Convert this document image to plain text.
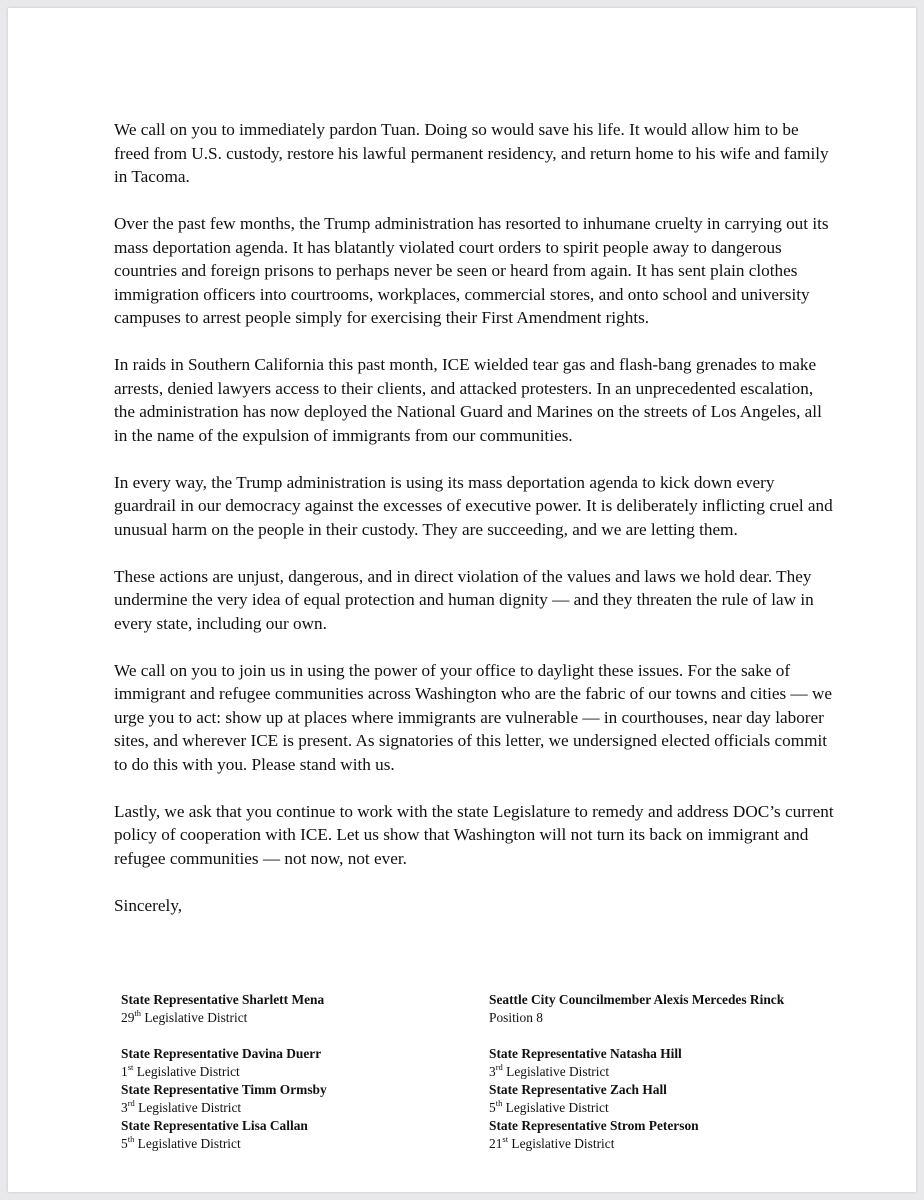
We call on you to immediately pardon Tuan. Doing so would save his life. It would allow him to be freed from U.S. custody, restore his lawful permanent residency, and return home to his wife and family in Tacoma.

Over the past few months, the Trump administration has resorted to inhumane cruelty in carrying out its mass deportation agenda. It has blatantly violated court orders to spirit people away to dangerous countries and foreign prisons to perhaps never be seen or heard from again. It has sent plain clothes immigration officers into courtrooms, workplaces, commercial stores, and onto school and university campuses to arrest people simply for exercising their First Amendment rights.

In raids in Southern California this past month, ICE wielded tear gas and flash-bang grenades to make arrests, denied lawyers access to their clients, and attacked protesters. In an unprecedented escalation, the administration has now deployed the National Guard and Marines on the streets of Los Angeles, all in the name of the expulsion of immigrants from our communities.

In every way, the Trump administration is using its mass deportation agenda to kick down every guardrail in our democracy against the excesses of executive power. It is deliberately inflicting cruel and unusual harm on the people in their custody. They are succeeding, and we are letting them.

These actions are unjust, dangerous, and in direct violation of the values and laws we hold dear. They undermine the very idea of equal protection and human dignity — and they threaten the rule of law in every state, including our own.

We call on you to join us in using the power of your office to daylight these issues. For the sake of immigrant and refugee communities across Washington who are the fabric of our towns and cities — we urge you to act: show up at places where immigrants are vulnerable — in courthouses, near day laborer sites, and wherever ICE is present. As signatories of this letter, we undersigned elected officials commit to do this with you. Please stand with us.

Lastly, we ask that you continue to work with the state Legislature to remedy and address DOC’s current policy of cooperation with ICE. Let us show that Washington will not turn its back on immigrant and refugee communities — not now, not ever.

Sincerely,

State Representative Sharlett Mena
29th Legislative District
State Representative Davina Duerr
1st Legislative District
State Representative Timm Ormsby
3rd Legislative District
State Representative Lisa Callan
5th Legislative District
Seattle City Councilmember Alexis Mercedes Rinck
Position 8
State Representative Natasha Hill
3rd Legislative District
State Representative Zach Hall
5th Legislative District
State Representative Strom Peterson
21st Legislative District
